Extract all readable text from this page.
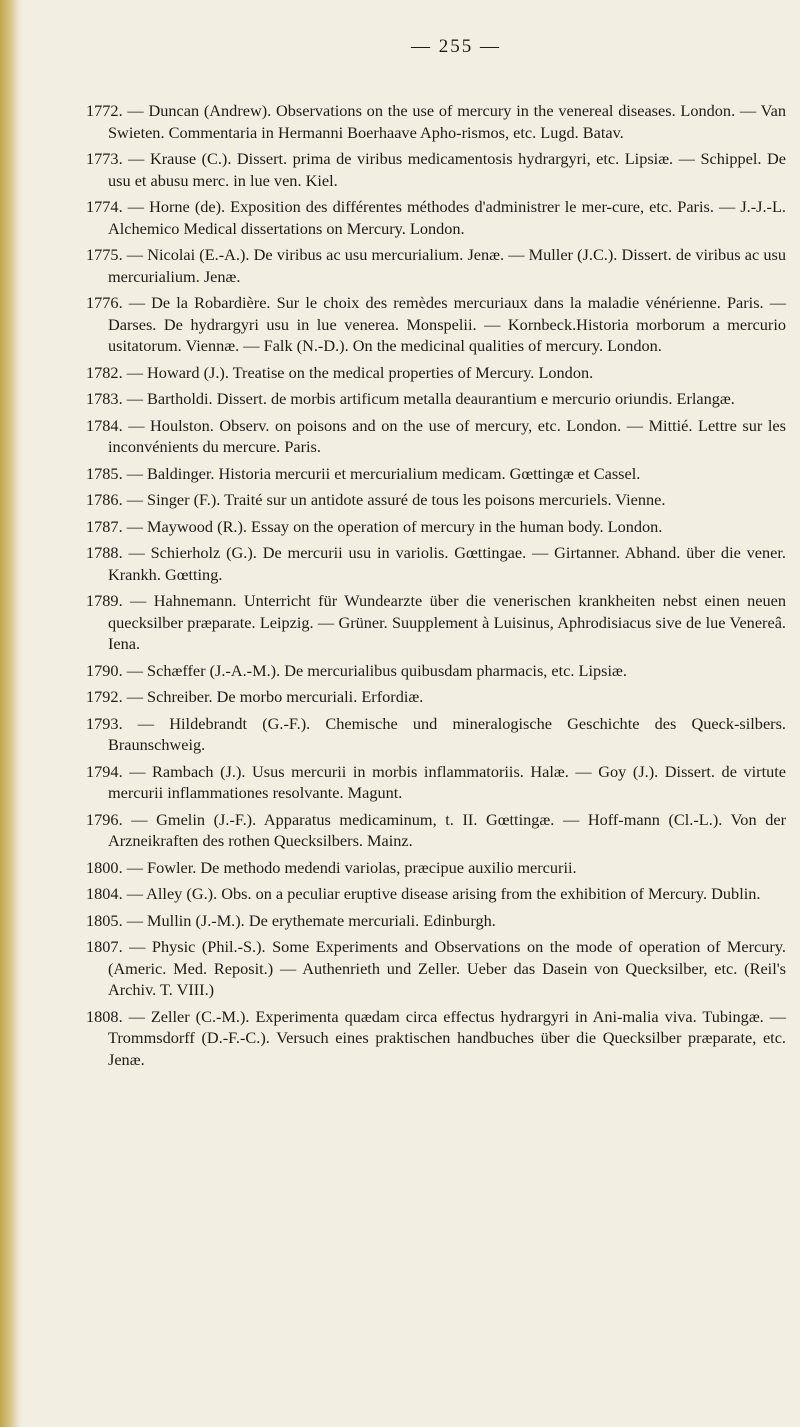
— 255 —

1772. — Duncan (Andrew). Observations on the use of mercury in the venereal diseases. London. — Van Swieten. Commentaria in Hermanni Boerhaave Apho-rismos, etc. Lugd. Batav.

1773. — Krause (C.). Dissert. prima de viribus medicamentosis hydrargyri, etc. Lipsiæ. — Schippel. De usu et abusu merc. in lue ven. Kiel.

1774. — Horne (de). Exposition des différentes méthodes d'administrer le mer-cure, etc. Paris. — J.-J.-L. Alchemico Medical dissertations on Mercury. London.

1775. — Nicolai (E.-A.). De viribus ac usu mercurialium. Jenæ. — Muller (J.C.). Dissert. de viribus ac usu mercurialium. Jenæ.

1776. — De la Robardière. Sur le choix des remèdes mercuriaux dans la maladie vénérienne. Paris. — Darses. De hydrargyri usu in lue venerea. Monspelii. — Kornbeck.Historia morborum a mercurio usitatorum. Viennæ. — Falk (N.-D.). On the medicinal qualities of mercury. London.

1782. — Howard (J.). Treatise on the medical properties of Mercury. London.

1783. — Bartholdi. Dissert. de morbis artificum metalla deaurantium e mercurio oriundis. Erlangæ.

1784. — Houlston. Observ. on poisons and on the use of mercury, etc. London. — Mittié. Lettre sur les inconvénients du mercure. Paris.

1785. — Baldinger. Historia mercurii et mercurialium medicam. Gœttingæ et Cassel.

1786. — Singer (F.). Traité sur un antidote assuré de tous les poisons mercuriels. Vienne.

1787. — Maywood (R.). Essay on the operation of mercury in the human body. London.

1788. — Schierholz (G.). De mercurii usu in variolis. Gœttingae. — Girtanner. Abhand. über die vener. Krankh. Gœtting.

1789. — Hahnemann. Unterricht für Wundearzte über die venerischen krankheiten nebst einen neuen quecksilber præparate. Leipzig. — Grüner. Suupplement à Luisinus, Aphrodisiacus sive de lue Venereâ. Iena.

1790. — Schæffer (J.-A.-M.). De mercurialibus quibusdam pharmacis, etc. Lipsiæ.

1792. — Schreiber. De morbo mercuriali. Erfordiæ.

1793. — Hildebrandt (G.-F.). Chemische und mineralogische Geschichte des Queck-silbers. Braunschweig.

1794. — Rambach (J.). Usus mercurii in morbis inflammatoriis. Halæ. — Goy (J.). Dissert. de virtute mercurii inflammationes resolvante. Magunt.

1796. — Gmelin (J.-F.). Apparatus medicaminum, t. II. Gœttingæ. — Hoff-mann (Cl.-L.). Von der Arzneikraften des rothen Quecksilbers. Mainz.

1800. — Fowler. De methodo medendi variolas, præcipue auxilio mercurii.

1804. — Alley (G.). Obs. on a peculiar eruptive disease arising from the exhibition of Mercury. Dublin.

1805. — Mullin (J.-M.). De erythemate mercuriali. Edinburgh.

1807. — Physic (Phil.-S.). Some Experiments and Observations on the mode of operation of Mercury. (Americ. Med. Reposit.) — Authenrieth und Zeller. Ueber das Dasein von Quecksilber, etc. (Reil's Archiv. T. VIII.)

1808. — Zeller (C.-M.). Experimenta quædam circa effectus hydrargyri in Ani-malia viva. Tubingæ. — Trommsdorff (D.-F.-C.). Versuch eines praktischen handbuches über die Quecksilber præparate, etc. Jenæ.
